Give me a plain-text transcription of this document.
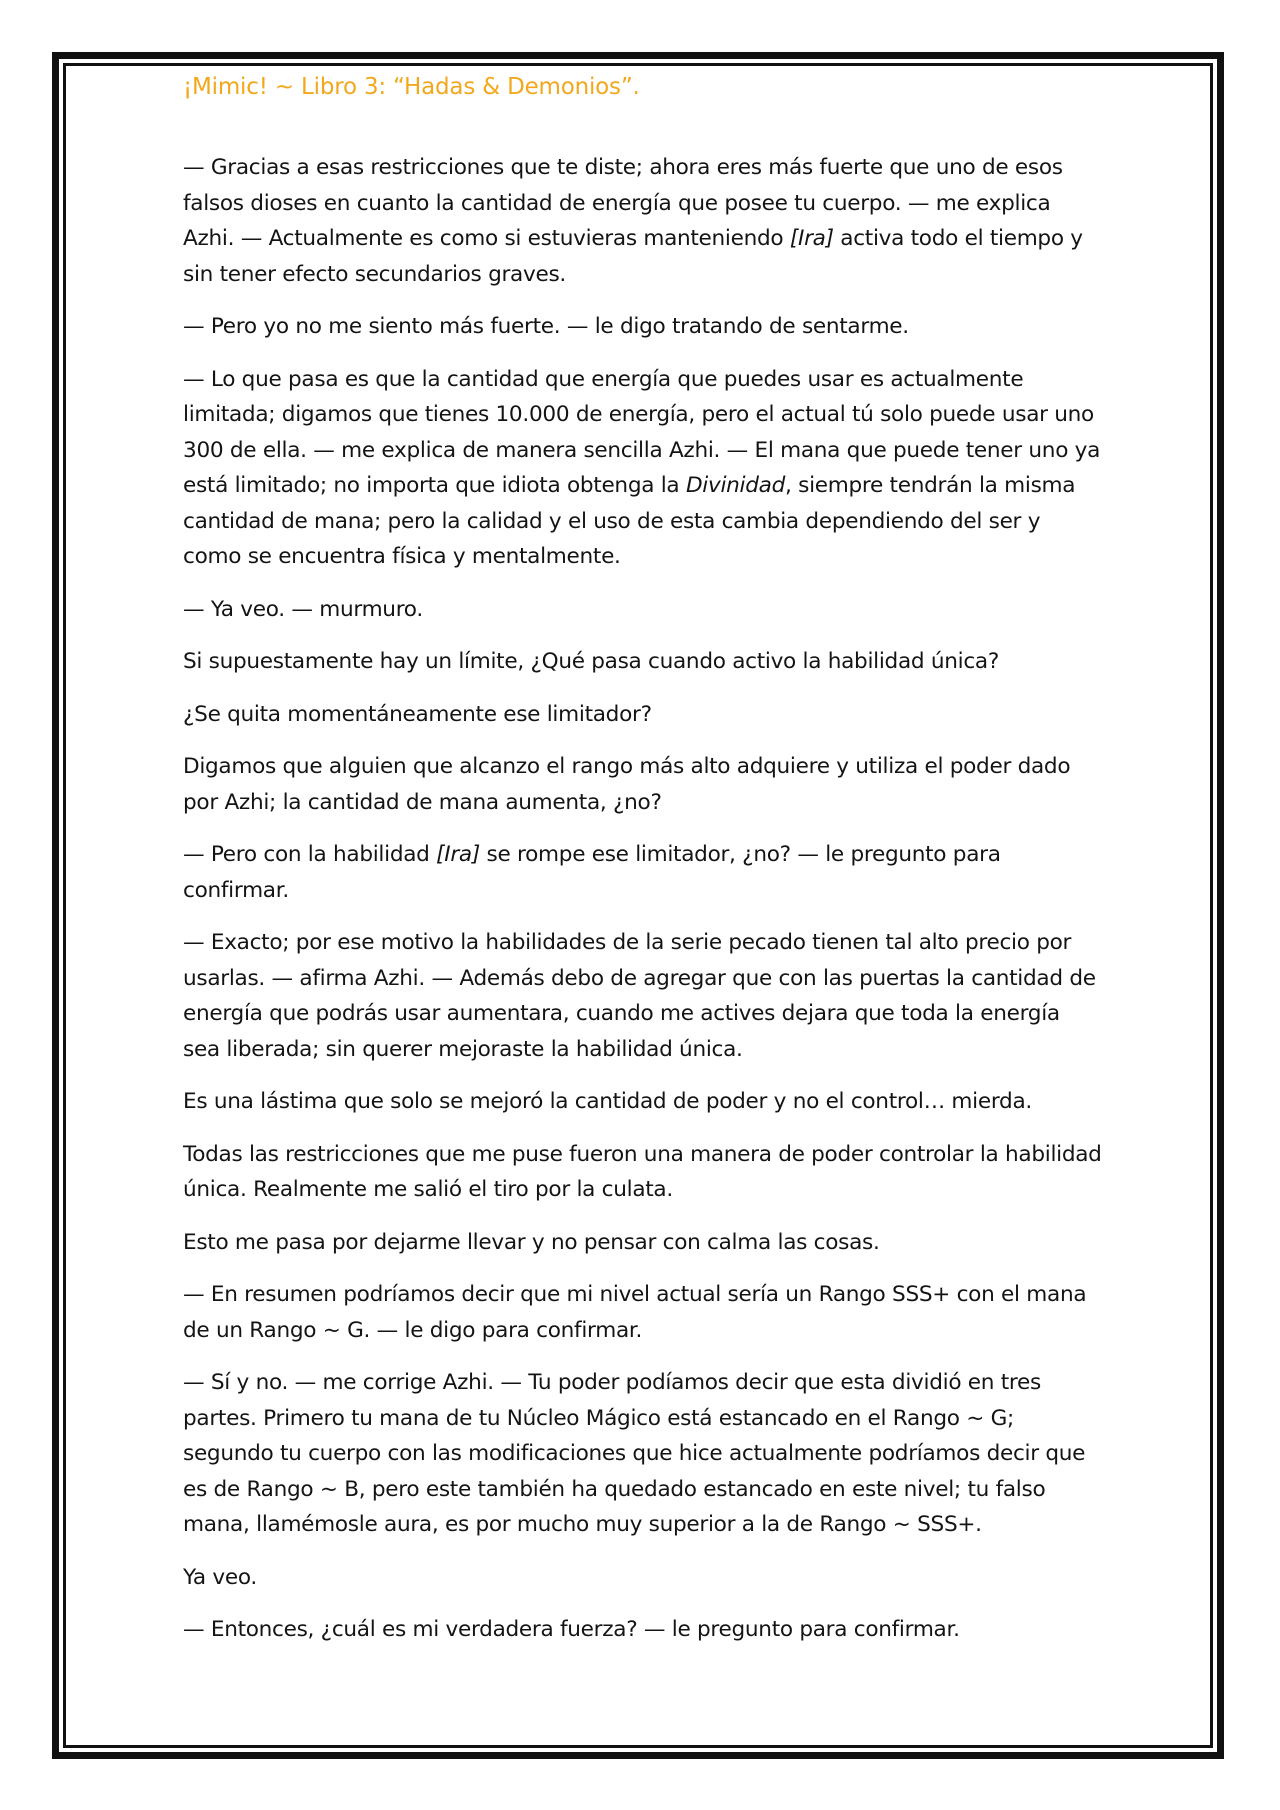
¡Mimic! ~ Libro 3: “Hadas & Demonios”.

— Gracias a esas restricciones que te diste; ahora eres más fuerte que uno de esos falsos dioses en cuanto la cantidad de energía que posee tu cuerpo. — me explica Azhi. — Actualmente es como si estuvieras manteniendo [Ira] activa todo el tiempo y sin tener efecto secundarios graves.

— Pero yo no me siento más fuerte. — le digo tratando de sentarme.

— Lo que pasa es que la cantidad que energía que puedes usar es actualmente limitada; digamos que tienes 10.000 de energía, pero el actual tú solo puede usar uno 300 de ella. — me explica de manera sencilla Azhi. — El mana que puede tener uno ya está limitado; no importa que idiota obtenga la Divinidad, siempre tendrán la misma cantidad de mana; pero la calidad y el uso de esta cambia dependiendo del ser y como se encuentra física y mentalmente.

— Ya veo. — murmuro.

Si supuestamente hay un límite, ¿Qué pasa cuando activo la habilidad única?

¿Se quita momentáneamente ese limitador?

Digamos que alguien que alcanzo el rango más alto adquiere y utiliza el poder dado por Azhi; la cantidad de mana aumenta, ¿no?

— Pero con la habilidad [Ira] se rompe ese limitador, ¿no? — le pregunto para confirmar.

— Exacto; por ese motivo la habilidades de la serie pecado tienen tal alto precio por usarlas. — afirma Azhi. — Además debo de agregar que con las puertas la cantidad de energía que podrás usar aumentara, cuando me actives dejara que toda la energía sea liberada; sin querer mejoraste la habilidad única.

Es una lástima que solo se mejoró la cantidad de poder y no el control… mierda.

Todas las restricciones que me puse fueron una manera de poder controlar la habilidad única. Realmente me salió el tiro por la culata.

Esto me pasa por dejarme llevar y no pensar con calma las cosas.

— En resumen podríamos decir que mi nivel actual sería un Rango SSS+ con el mana de un Rango ~ G. — le digo para confirmar.

— Sí y no. — me corrige Azhi. — Tu poder podíamos decir que esta dividió en tres partes. Primero tu mana de tu Núcleo Mágico está estancado en el Rango ~ G; segundo tu cuerpo con las modificaciones que hice actualmente podríamos decir que es de Rango ~ B, pero este también ha quedado estancado en este nivel; tu falso mana, llamémosle aura, es por mucho muy superior a la de Rango ~ SSS+.

Ya veo.

— Entonces, ¿cuál es mi verdadera fuerza? — le pregunto para confirmar.
